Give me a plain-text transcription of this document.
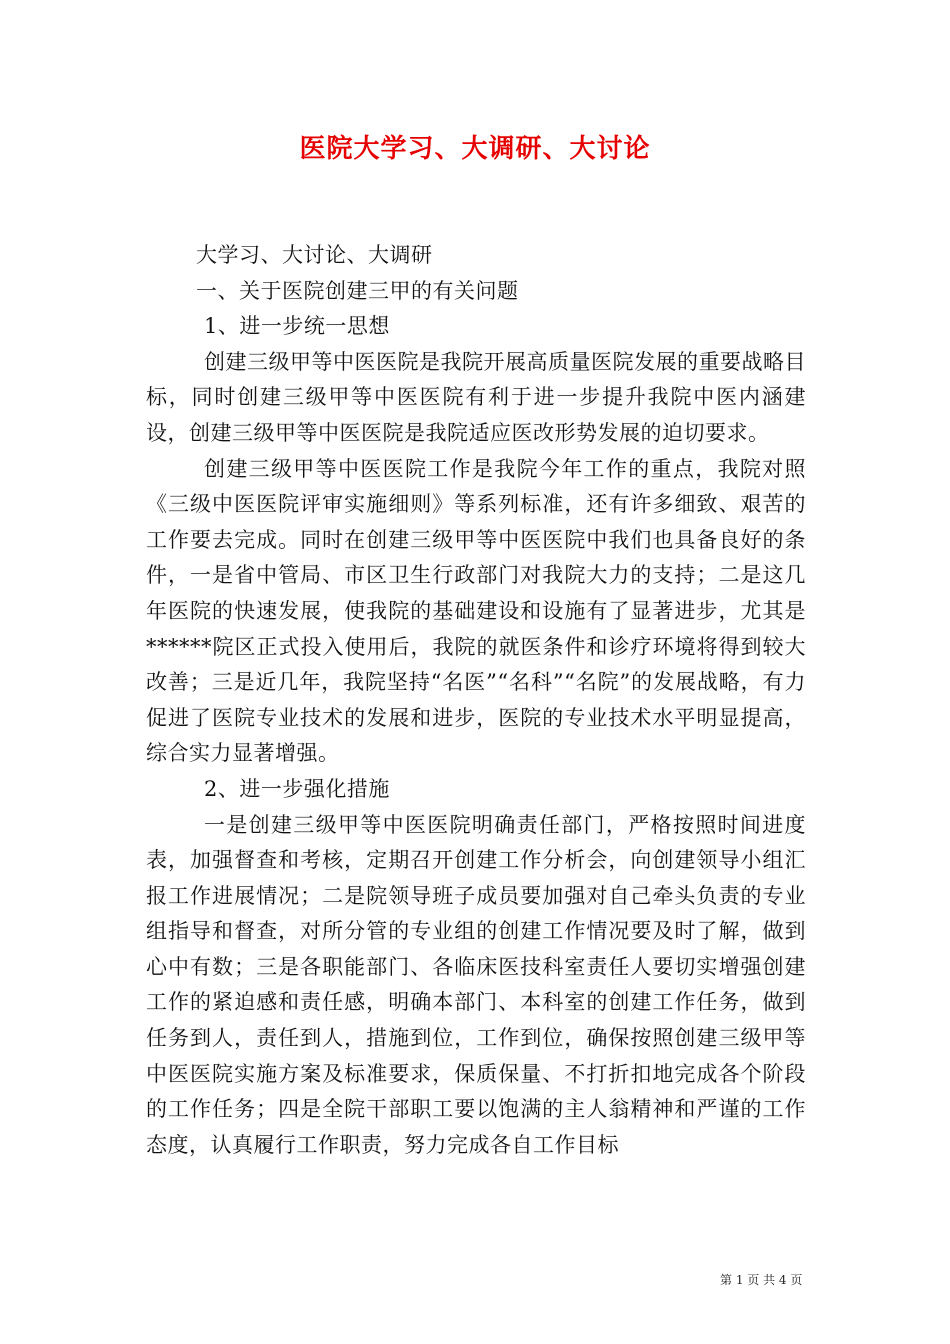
医院大学习、大调研、大讨论

大学习、大讨论、大调研

一、关于医院创建三甲的有关问题

1、进一步统一思想

创建三级甲等中医医院是我院开展高质量医院发展的重要战略目标，同时创建三级甲等中医医院有利于进一步提升我院中医内涵建设，创建三级甲等中医医院是我院适应医改形势发展的迫切要求。

创建三级甲等中医医院工作是我院今年工作的重点，我院对照《三级中医医院评审实施细则》等系列标准，还有许多细致、艰苦的工作要去完成。同时在创建三级甲等中医医院中我们也具备良好的条件，一是省中管局、市区卫生行政部门对我院大力的支持；二是这几年医院的快速发展，使我院的基础建设和设施有了显著进步，尤其是******院区正式投入使用后，我院的就医条件和诊疗环境将得到较大改善；三是近几年，我院坚持“名医”“名科”“名院”的发展战略，有力促进了医院专业技术的发展和进步，医院的专业技术水平明显提高，综合实力显著增强。

2、进一步强化措施

一是创建三级甲等中医医院明确责任部门，严格按照时间进度表，加强督查和考核，定期召开创建工作分析会，向创建领导小组汇报工作进展情况；二是院领导班子成员要加强对自己牵头负责的专业组指导和督查，对所分管的专业组的创建工作情况要及时了解，做到心中有数；三是各职能部门、各临床医技科室责任人要切实增强创建工作的紧迫感和责任感，明确本部门、本科室的创建工作任务，做到任务到人，责任到人，措施到位，工作到位，确保按照创建三级甲等中医医院实施方案及标准要求，保质保量、不打折扣地完成各个阶段的工作任务；四是全院干部职工要以饱满的主人翁精神和严谨的工作态度，认真履行工作职责，努力完成各自工作目标

第 1 页 共 4 页
